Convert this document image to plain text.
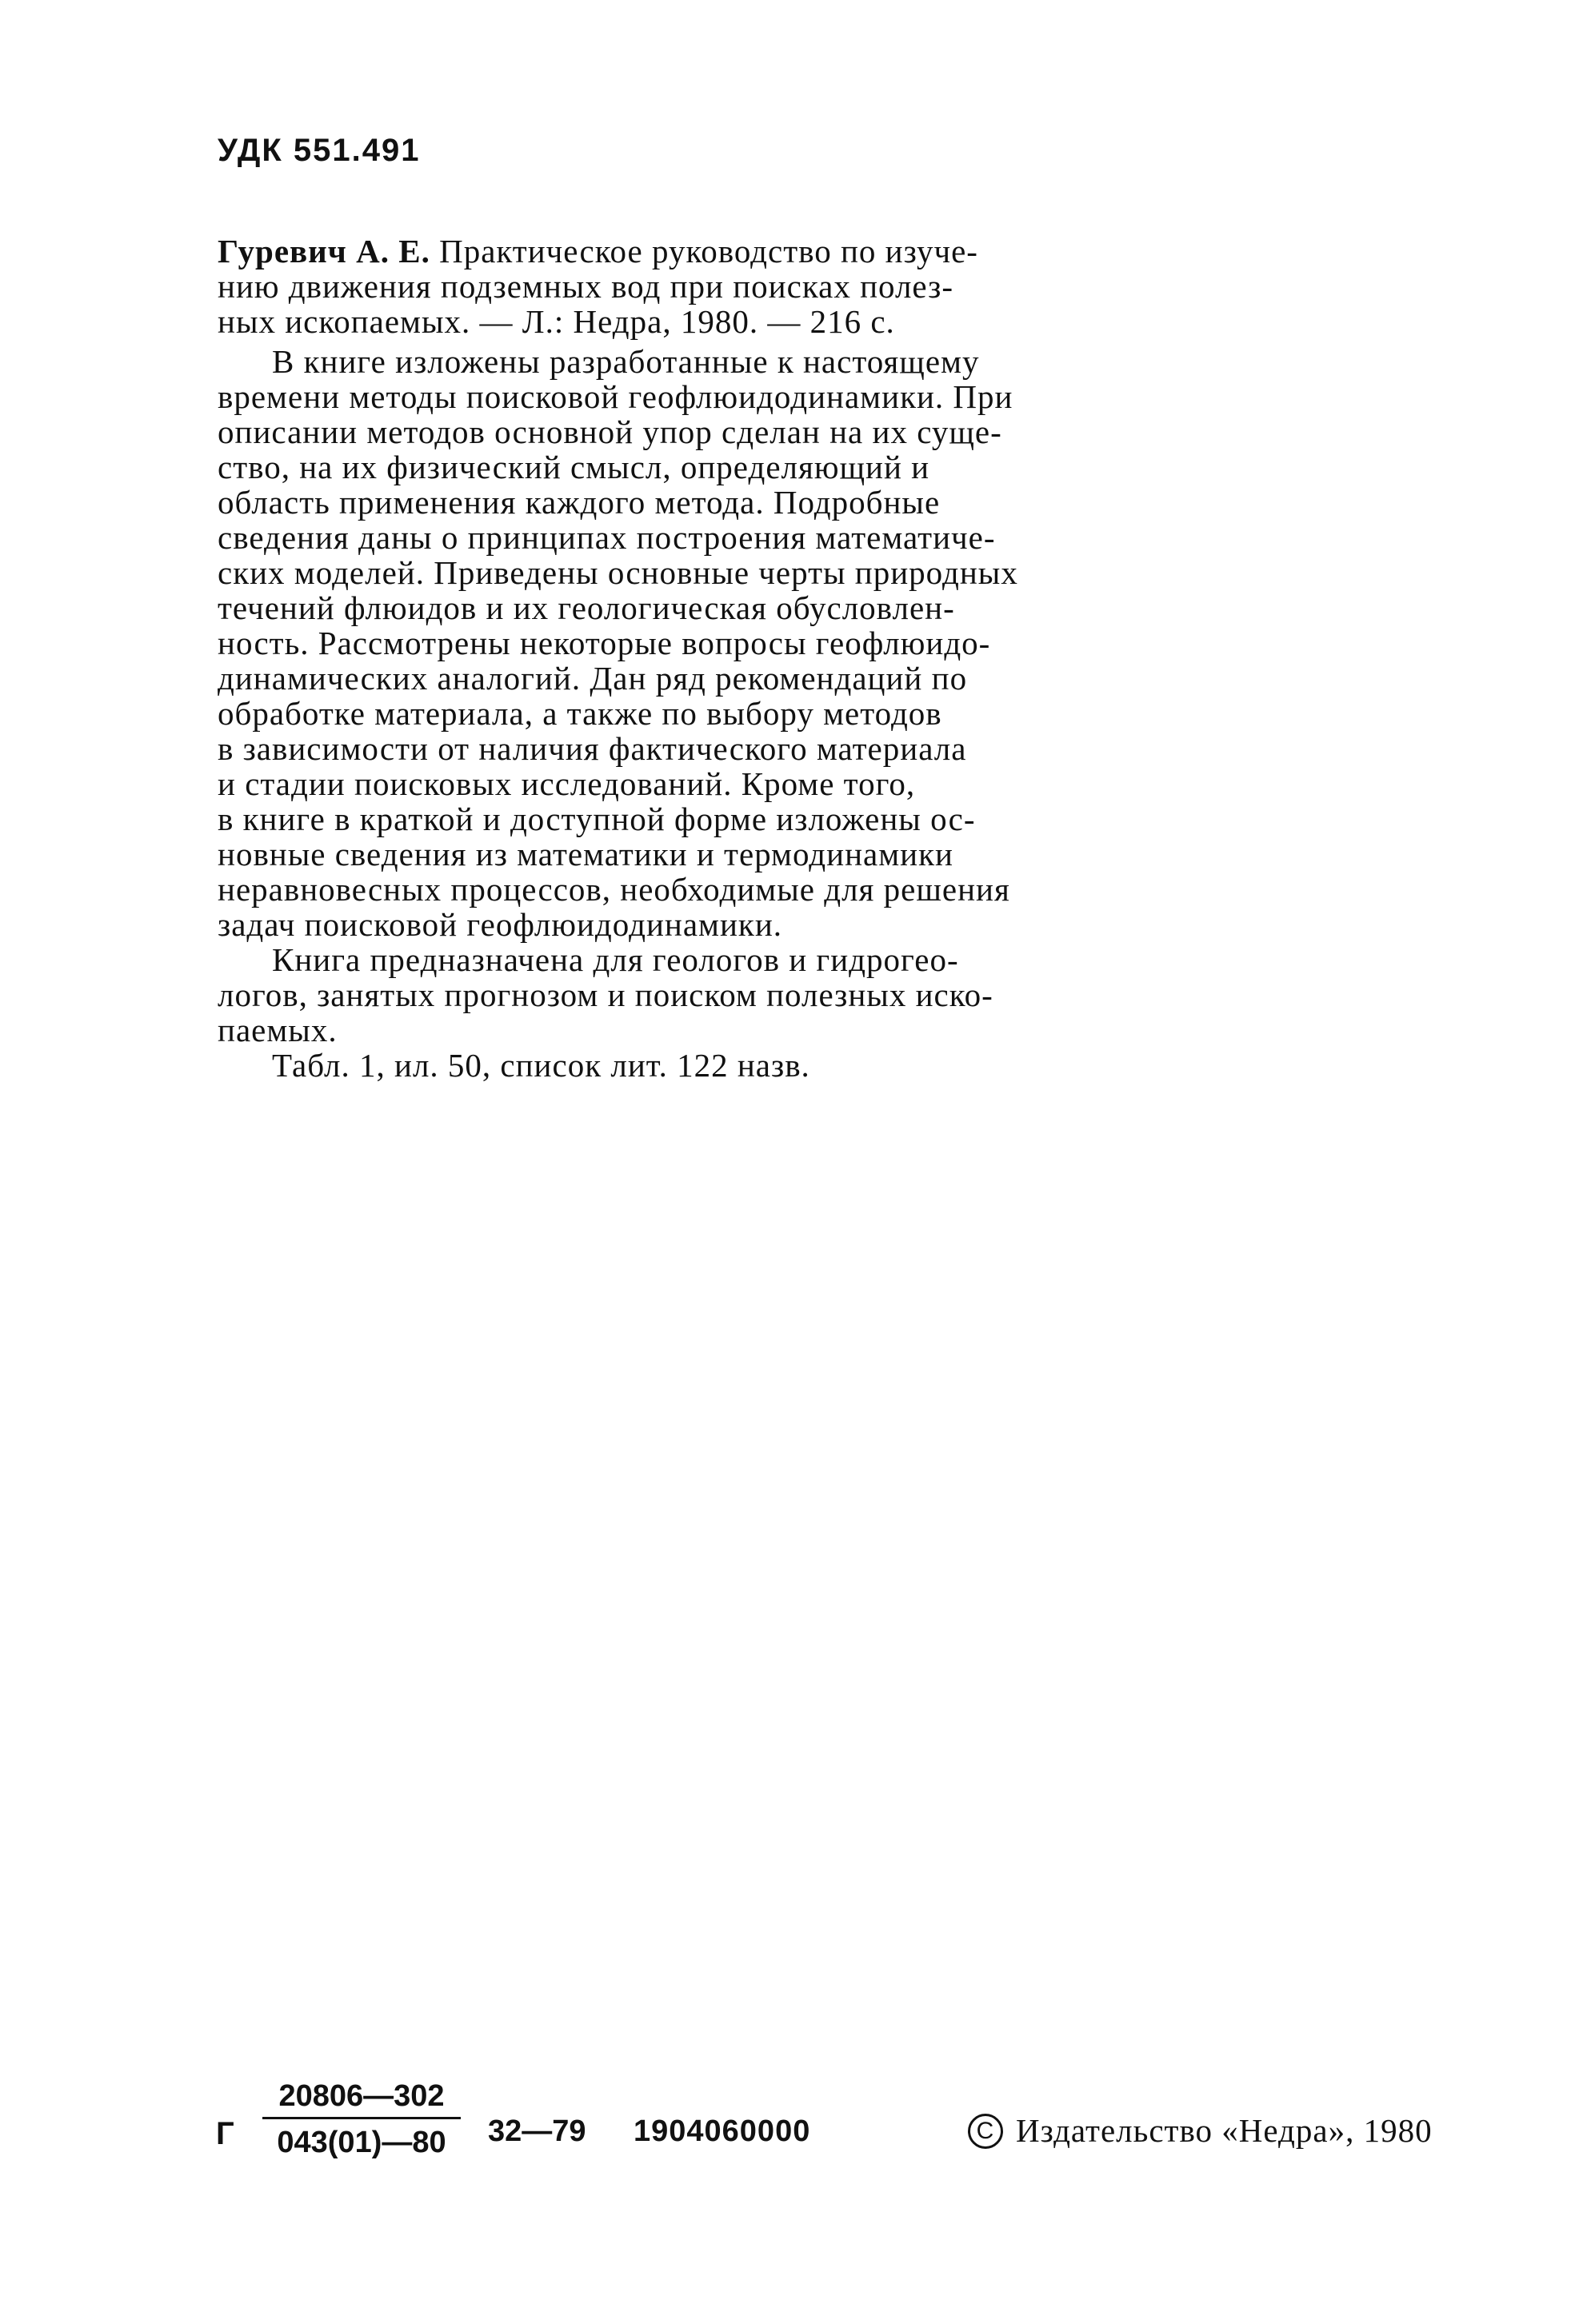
УДК 551.491
Гуревич А. Е. Практическое руководство по изуче-
нию движения подземных вод при поисках полез-
ных ископаемых. — Л.: Недра, 1980. — 216 с.
В книге изложены разработанные к настоящему
времени методы поисковой геофлюидодинамики. При
описании методов основной упор сделан на их суще-
ство, на их физический смысл, определяющий и
область применения каждого метода. Подробные
сведения даны о принципах построения математиче-
ских моделей. Приведены основные черты природных
течений флюидов и их геологическая обусловлен-
ность. Рассмотрены некоторые вопросы геофлюидо-
динамических аналогий. Дан ряд рекомендаций по
обработке материала, а также по выбору методов
в зависимости от наличия фактического материала
и стадии поисковых исследований. Кроме того,
в книге в краткой и доступной форме изложены ос-
новные сведения из математики и термодинамики
неравновесных процессов, необходимые для решения
задач поисковой геофлюидодинамики.
Книга предназначена для геологов и гидрогео-
логов, занятых прогнозом и поиском полезных иско-
паемых.
Табл. 1, ил. 50, список лит. 122 назв.
Г
20806—302
043(01)—80	32—79 1904060000	C Издательство «Недра», 1980
